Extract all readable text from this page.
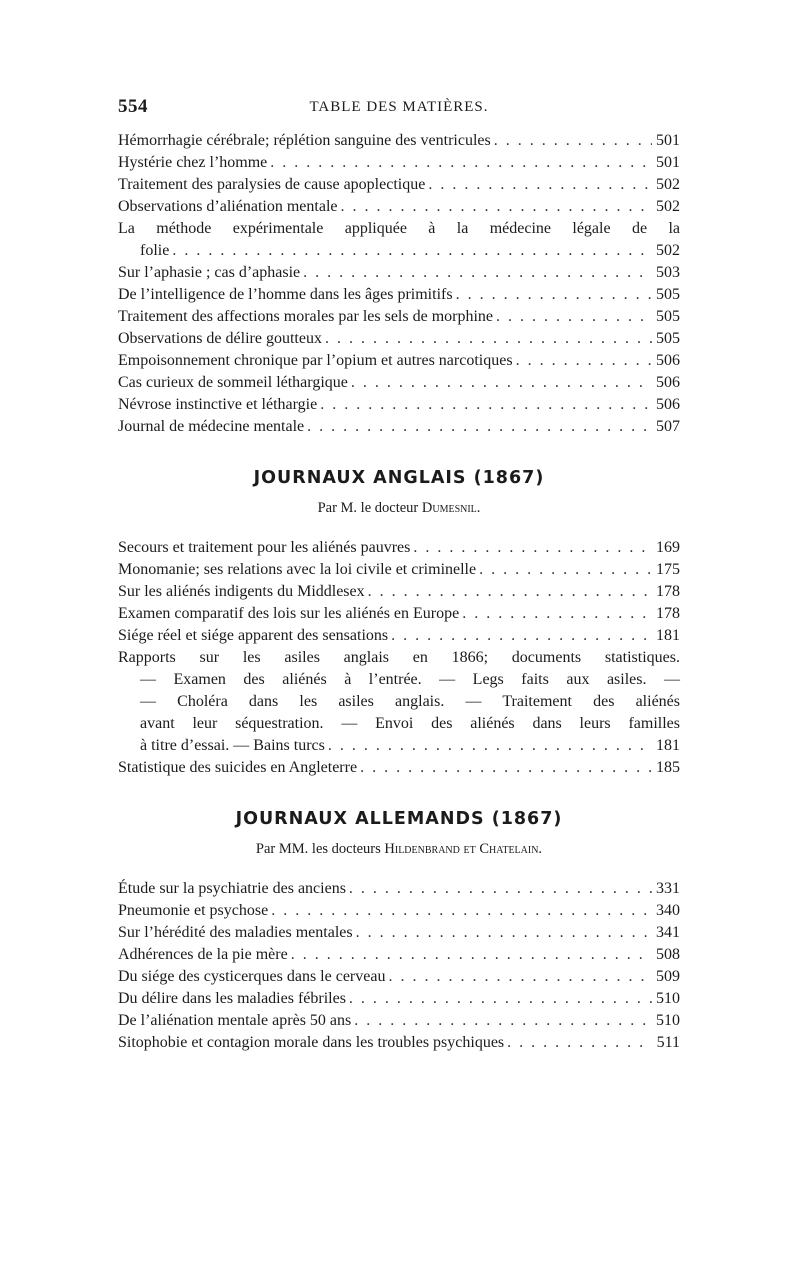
554	TABLE DES MATIÈRES.
Hémorrhagie cérébrale; réplétion sanguine des ventricules . . .	501
Hystérie chez l’homme . . .	501
Traitement des paralysies de cause apoplectique . . .	502
Observations d’aliénation mentale . . .	502
La méthode expérimentale appliquée à la médecine légale de la
folie . . .	502
Sur l’aphasie ; cas d’aphasie . . .	503
De l’intelligence de l’homme dans les âges primitifs . . .	505
Traitement des affections morales par les sels de morphine . . .	505
Observations de délire goutteux . . .	505
Empoisonnement chronique par l’opium et autres narcotiques . . .	506
Cas curieux de sommeil léthargique . . .	506
Névrose instinctive et léthargie . . .	506
Journal de médecine mentale . . .	507
JOURNAUX ANGLAIS (1867)
Par M. le docteur Dumesnil.
Secours et traitement pour les aliénés pauvres . . .	169
Monomanie; ses relations avec la loi civile et criminelle . . .	175
Sur les aliénés indigents du Middlesex . . .	178
Examen comparatif des lois sur les aliénés en Europe . . .	178
Siége réel et siége apparent des sensations . . .	181
Rapports sur les asiles anglais en 1866; documents statistiques.
— Examen des aliénés à l’entrée. — Legs faits aux asiles. —
— Choléra dans les asiles anglais. — Traitement des aliénés
avant leur séquestration. — Envoi des aliénés dans leurs familles
à titre d’essai. — Bains turcs . . .	181
Statistique des suicides en Angleterre . . .	185
JOURNAUX ALLEMANDS (1867)
Par MM. les docteurs Hildenbrand et Chatelain.
Étude sur la psychiatrie des anciens . . .	331
Pneumonie et psychose . . .	340
Sur l’hérédité des maladies mentales . . .	341
Adhérences de la pie mère . . .	508
Du siége des cysticerques dans le cerveau . . .	509
Du délire dans les maladies fébriles . . .	510
De l’aliénation mentale après 50 ans . . .	510
Sitophobie et contagion morale dans les troubles psychiques . . .	511
